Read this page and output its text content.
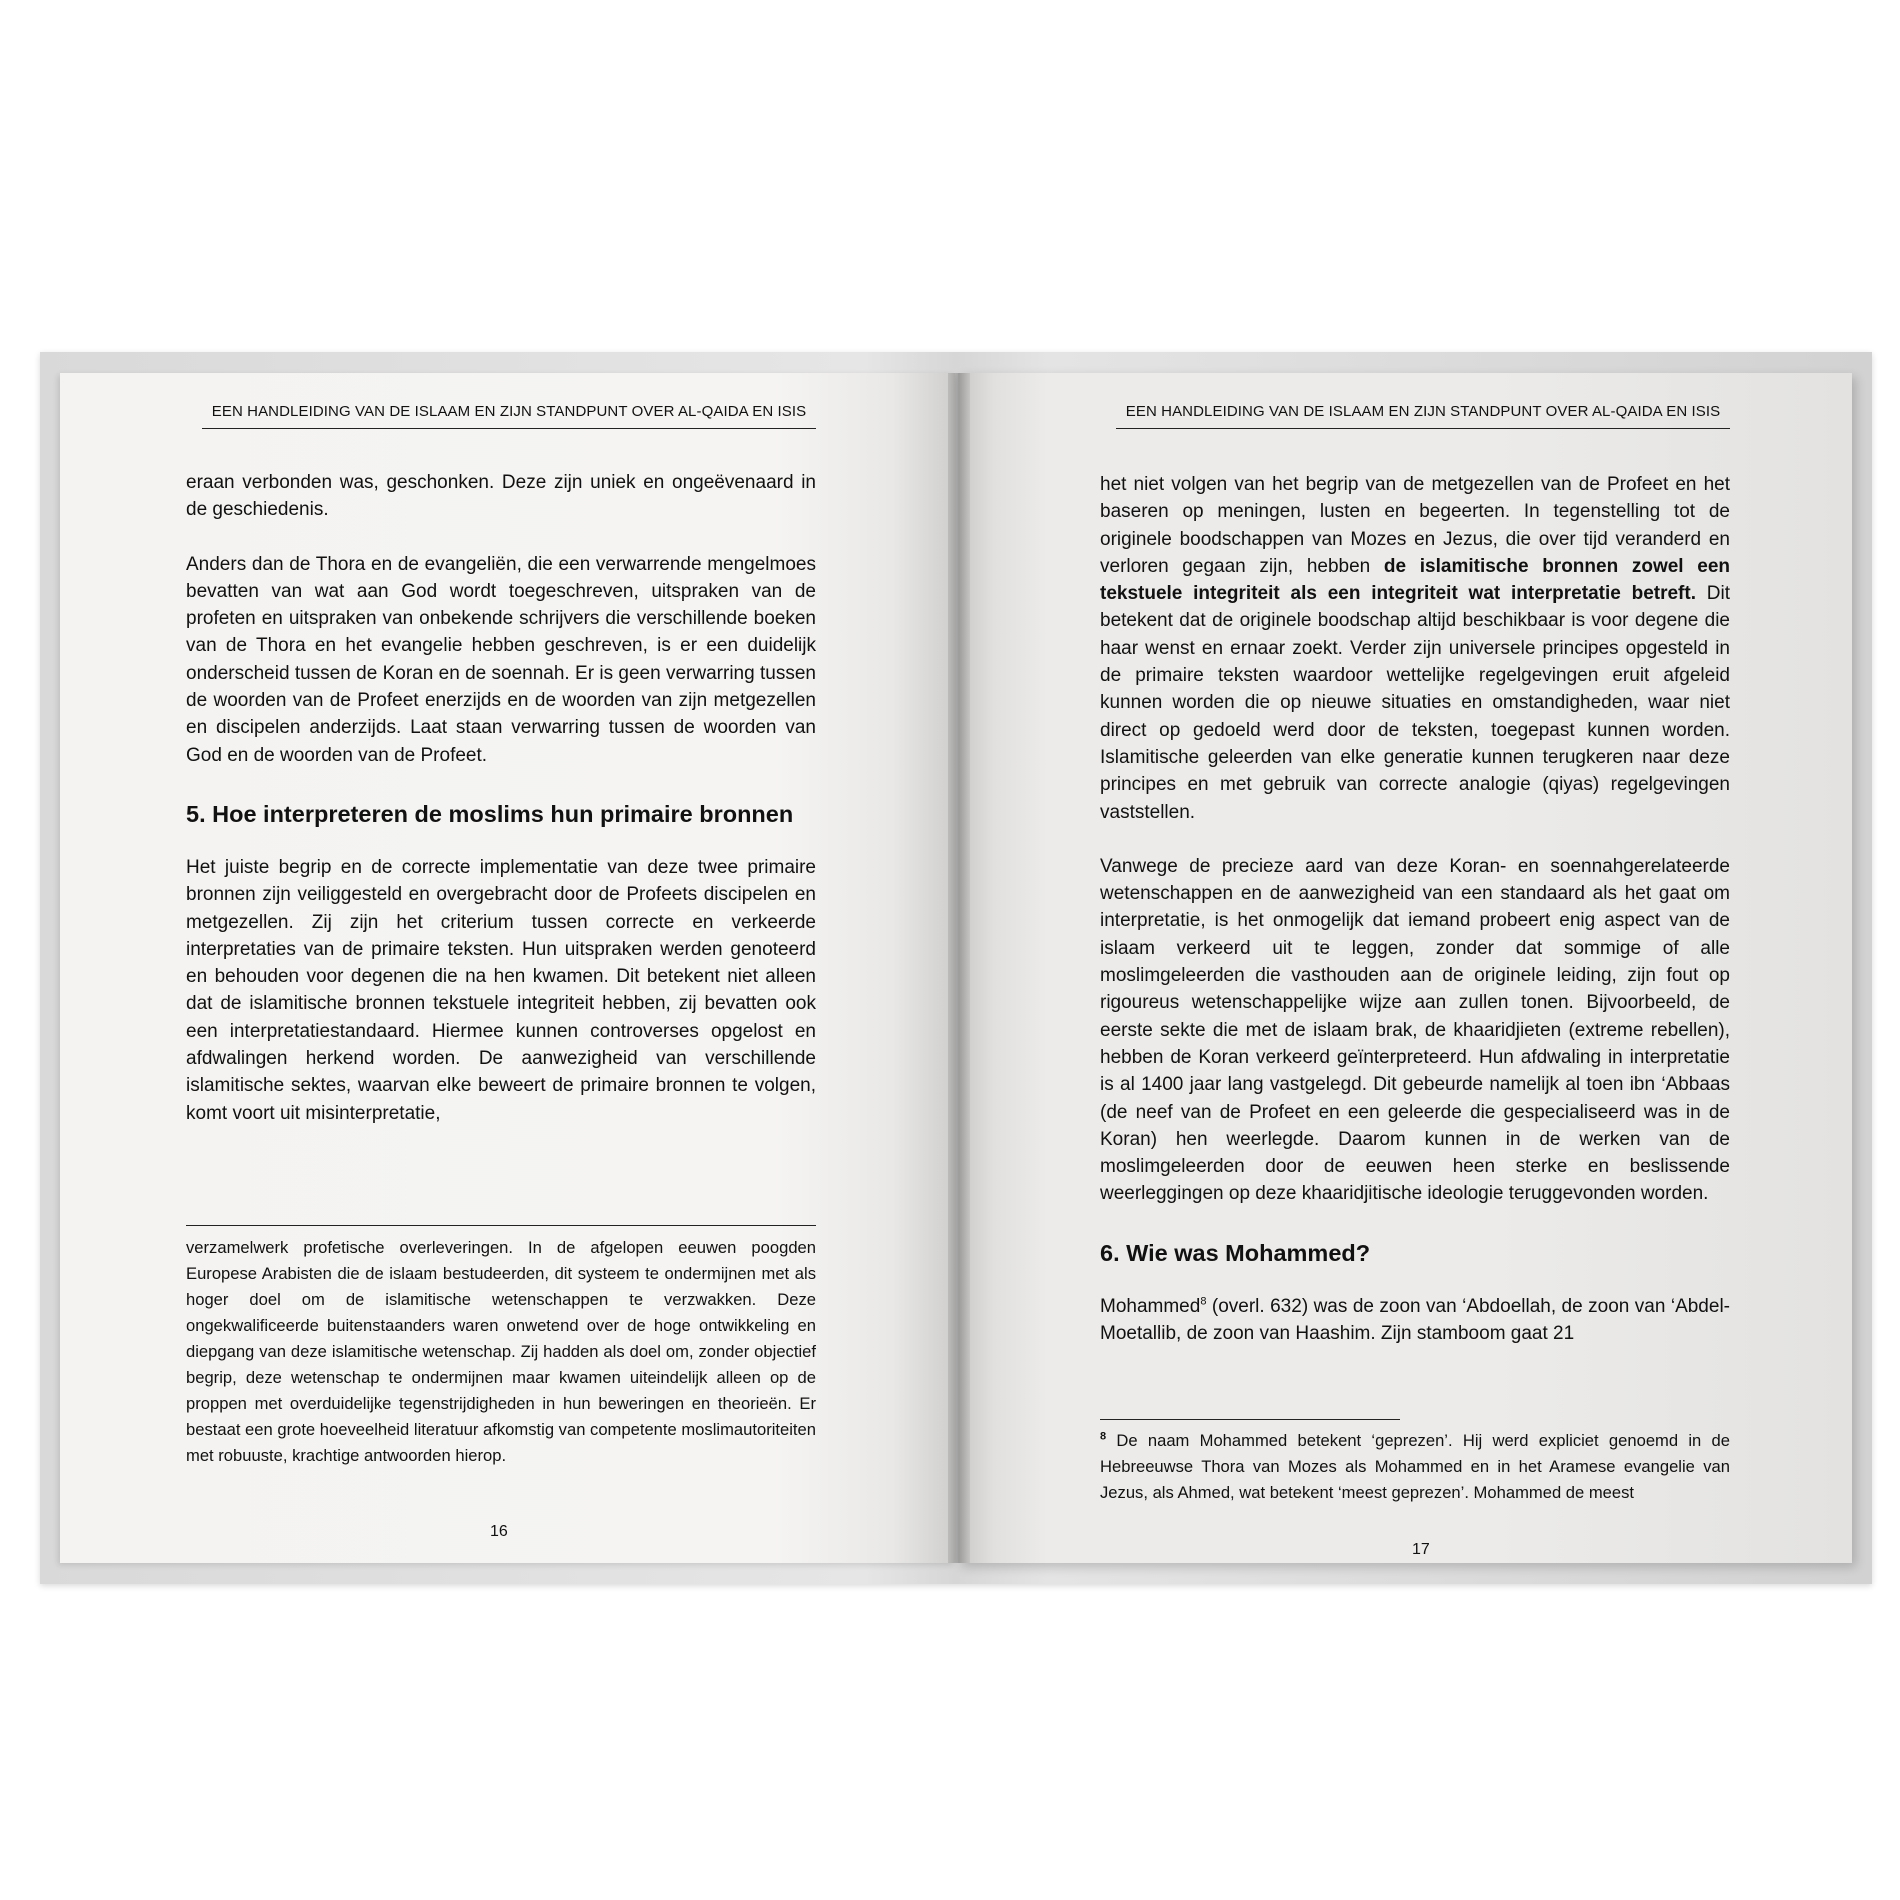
EEN HANDLEIDING VAN DE ISLAAM EN ZIJN STANDPUNT OVER AL-QAIDA EN ISIS

eraan verbonden was, geschonken. Deze zijn uniek en ongeëvenaard in de geschiedenis.

Anders dan de Thora en de evangeliën, die een verwarrende mengelmoes bevatten van wat aan God wordt toegeschreven, uitspraken van de profeten en uitspraken van onbekende schrijvers die verschillende boeken van de Thora en het evangelie hebben geschreven, is er een duidelijk onderscheid tussen de Koran en de soennah. Er is geen verwarring tussen de woorden van de Profeet enerzijds en de woorden van zijn metgezellen en discipelen anderzijds. Laat staan verwarring tussen de woorden van God en de woorden van de Profeet.

5. Hoe interpreteren de moslims hun primaire bronnen

Het juiste begrip en de correcte implementatie van deze twee primaire bronnen zijn veiliggesteld en overgebracht door de Profeets discipelen en metgezellen. Zij zijn het criterium tussen correcte en verkeerde interpretaties van de primaire teksten. Hun uitspraken werden genoteerd en behouden voor degenen die na hen kwamen. Dit betekent niet alleen dat de islamitische bronnen tekstuele integriteit hebben, zij bevatten ook een interpretatiestandaard. Hiermee kunnen controverses opgelost en afdwalingen herkend worden. De aanwezigheid van verschillende islamitische sektes, waarvan elke beweert de primaire bronnen te volgen, komt voort uit misinterpretatie,

verzamelwerk profetische overleveringen. In de afgelopen eeuwen poogden Europese Arabisten die de islaam bestudeerden, dit systeem te ondermijnen met als hoger doel om de islamitische wetenschappen te verzwakken. Deze ongekwalificeerde buitenstaanders waren onwetend over de hoge ontwikkeling en diepgang van deze islamitische wetenschap. Zij hadden als doel om, zonder objectief begrip, deze wetenschap te ondermijnen maar kwamen uiteindelijk alleen op de proppen met overduidelijke tegenstrijdigheden in hun beweringen en theorieën. Er bestaat een grote hoeveelheid literatuur afkomstig van competente moslimautoriteiten met robuuste, krachtige antwoorden hierop.
16
EEN HANDLEIDING VAN DE ISLAAM EN ZIJN STANDPUNT OVER AL-QAIDA EN ISIS

het niet volgen van het begrip van de metgezellen van de Profeet en het baseren op meningen, lusten en begeerten. In tegenstelling tot de originele boodschappen van Mozes en Jezus, die over tijd veranderd en verloren gegaan zijn, hebben de islamitische bronnen zowel een tekstuele integriteit als een integriteit wat interpretatie betreft. Dit betekent dat de originele boodschap altijd beschikbaar is voor degene die haar wenst en ernaar zoekt. Verder zijn universele principes opgesteld in de primaire teksten waardoor wettelijke regelgevingen eruit afgeleid kunnen worden die op nieuwe situaties en omstandigheden, waar niet direct op gedoeld werd door de teksten, toegepast kunnen worden. Islamitische geleerden van elke generatie kunnen terugkeren naar deze principes en met gebruik van correcte analogie (qiyas) regelgevingen vaststellen.

Vanwege de precieze aard van deze Koran- en soennahgerelateerde wetenschappen en de aanwezigheid van een standaard als het gaat om interpretatie, is het onmogelijk dat iemand probeert enig aspect van de islaam verkeerd uit te leggen, zonder dat sommige of alle moslimgeleerden die vasthouden aan de originele leiding, zijn fout op rigoureus wetenschappelijke wijze aan zullen tonen. Bijvoorbeeld, de eerste sekte die met de islaam brak, de khaaridjieten (extreme rebellen), hebben de Koran verkeerd geïnterpreteerd. Hun afdwaling in interpretatie is al 1400 jaar lang vastgelegd. Dit gebeurde namelijk al toen ibn ‘Abbaas (de neef van de Profeet en een geleerde die gespecialiseerd was in de Koran) hen weerlegde. Daarom kunnen in de werken van de moslimgeleerden door de eeuwen heen sterke en beslissende weerleggingen op deze khaaridjitische ideologie teruggevonden worden.

6. Wie was Mohammed?

Mohammed$^8$ (overl. 632) was de zoon van ‘Abdoellah, de zoon van ‘Abdel-Moetallib, de zoon van Haashim. Zijn stamboom gaat 21

$^8$ De naam Mohammed betekent ‘geprezen’. Hij werd expliciet genoemd in de Hebreeuwse Thora van Mozes als Mohammed en in het Aramese evangelie van Jezus, als Ahmed, wat betekent ‘meest geprezen’. Mohammed de meest
17
